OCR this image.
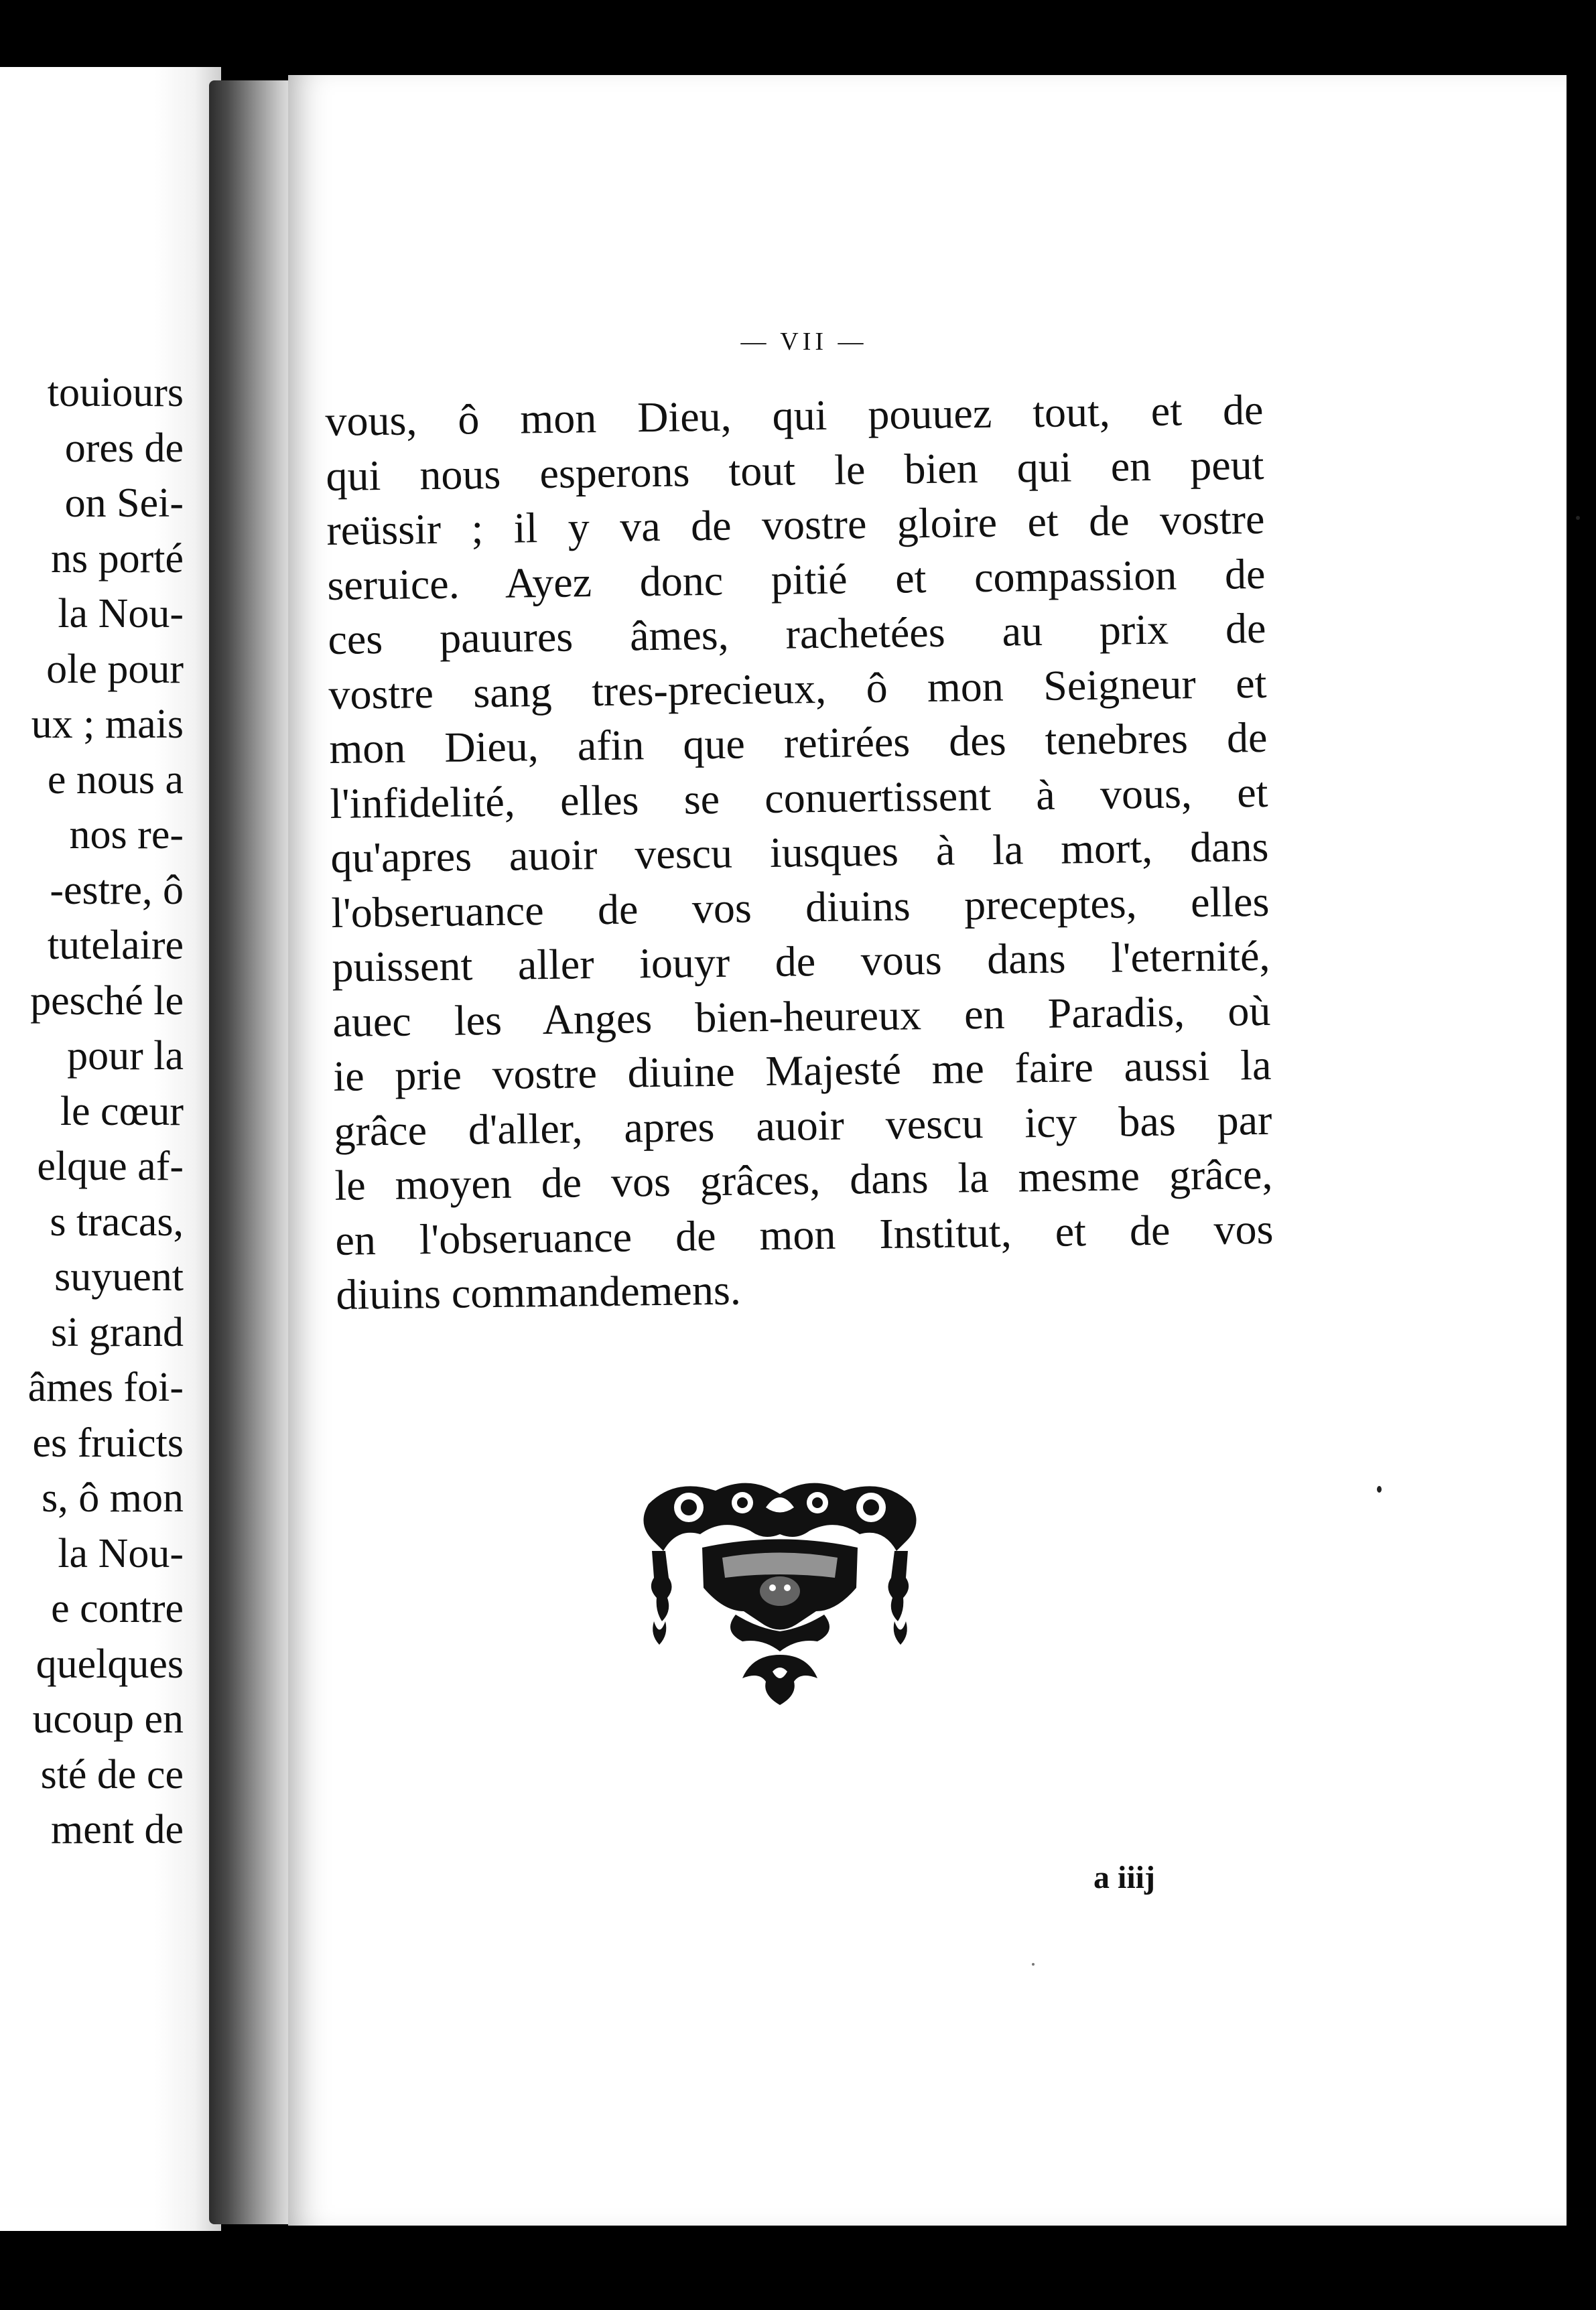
touiours
ores de
on Sei-
ns porté
la Nou-
ole pour
ux ; mais
e nous a
nos re-
-estre, ô
tutelaire
pesché le
pour la
le cœur
elque af-
s tracas,
suyuent
si grand
âmes foi-
es fruicts
s, ô mon
la Nou-
e contre
quelques
ucoup en
sté de ce
ment de
— VII —
vous, ô mon Dieu, qui pouuez tout, et de
qui nous esperons tout le bien qui en peut
reüssir ; il y va de vostre gloire et de vostre
seruice. Ayez donc pitié et compassion de
ces pauures âmes, rachetées au prix de
vostre sang tres-precieux, ô mon Seigneur et
mon Dieu, afin que retirées des tenebres de
l'infidelité, elles se conuertissent à vous, et
qu'apres auoir vescu iusques à la mort, dans
l'obseruance de vos diuins preceptes, elles
puissent aller iouyr de vous dans l'eternité,
auec les Anges bien-heureux en Paradis, où
ie prie vostre diuine Majesté me faire aussi la
grâce d'aller, apres auoir vescu icy bas par
le moyen de vos grâces, dans la mesme grâce,
en l'obseruance de mon Institut, et de vos
diuins commandemens.
a iiij
